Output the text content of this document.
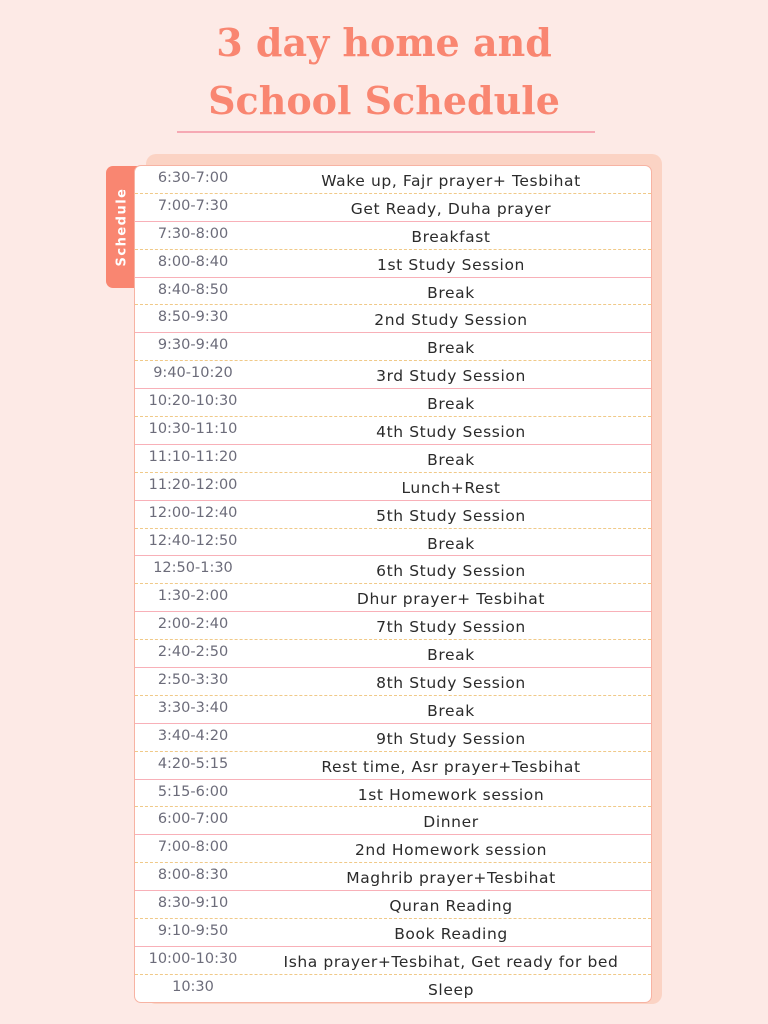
3 day home and
School Schedule
Schedule
6:30-7:00	Wake up, Fajr prayer+ Tesbihat
7:00-7:30	Get Ready, Duha prayer
7:30-8:00	Breakfast
8:00-8:40	1st Study Session
8:40-8:50	Break
8:50-9:30	2nd Study Session
9:30-9:40	Break
9:40-10:20	3rd Study Session
10:20-10:30	Break
10:30-11:10	4th Study Session
11:10-11:20	Break
11:20-12:00	Lunch+Rest
12:00-12:40	5th Study Session
12:40-12:50	Break
12:50-1:30	6th Study Session
1:30-2:00	Dhur prayer+ Tesbihat
2:00-2:40	7th Study Session
2:40-2:50	Break
2:50-3:30	8th Study Session
3:30-3:40	Break
3:40-4:20	9th Study Session
4:20-5:15	Rest time, Asr prayer+Tesbihat
5:15-6:00	1st Homework session
6:00-7:00	Dinner
7:00-8:00	2nd Homework session
8:00-8:30	Maghrib prayer+Tesbihat
8:30-9:10	Quran Reading
9:10-9:50	Book Reading
10:00-10:30	Isha prayer+Tesbihat, Get ready for bed
10:30	Sleep
